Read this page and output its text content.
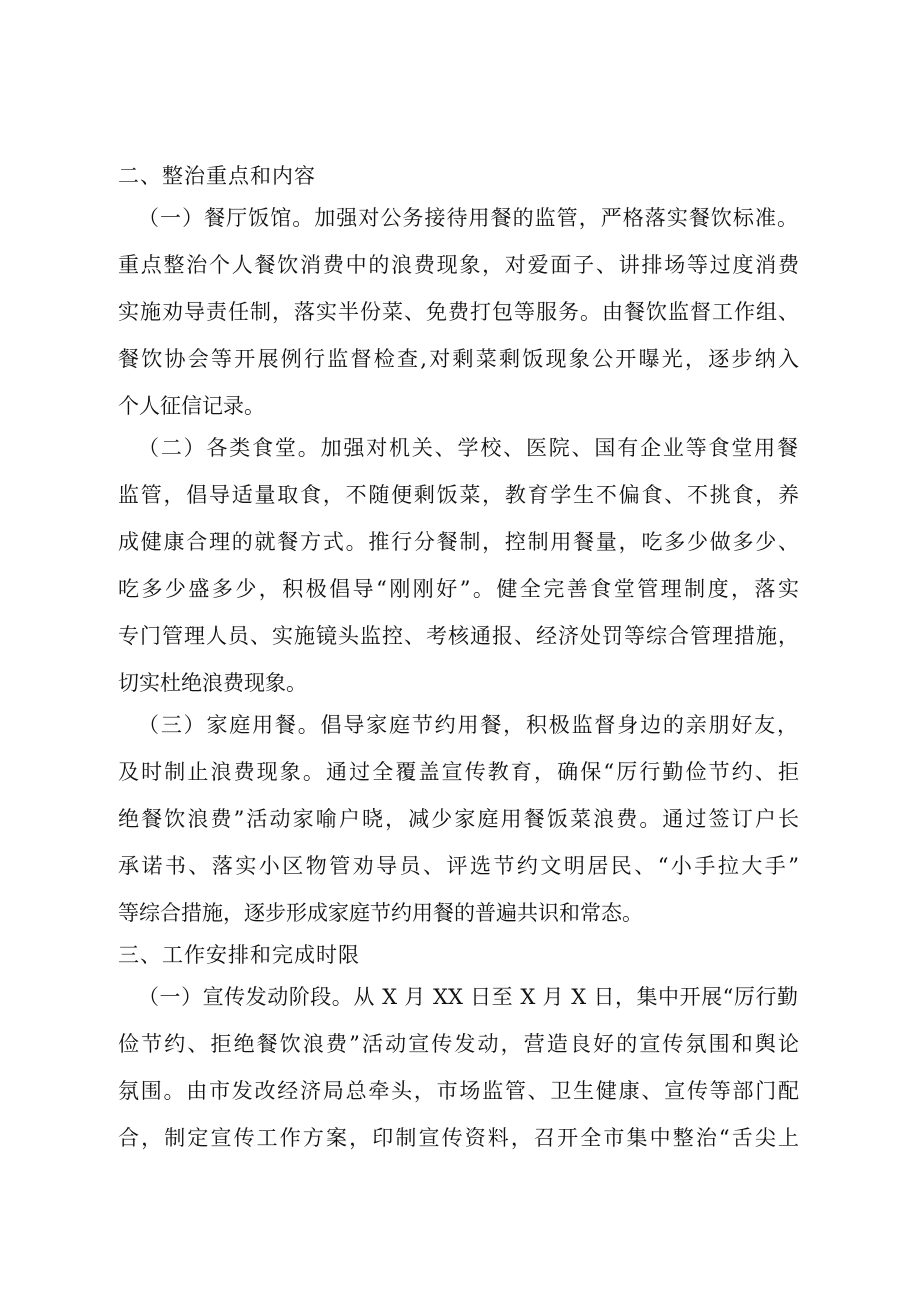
二、整治重点和内容

（一）餐厅饭馆。加强对公务接待用餐的监管，严格落实餐饮标准。

重点整治个人餐饮消费中的浪费现象，对爱面子、讲排场等过度消费

实施劝导责任制，落实半份菜、免费打包等服务。由餐饮监督工作组、

餐饮协会等开展例行监督检查,对剩菜剩饭现象公开曝光，逐步纳入

个人征信记录。

（二）各类食堂。加强对机关、学校、医院、国有企业等食堂用餐

监管，倡导适量取食，不随便剩饭菜，教育学生不偏食、不挑食，养

成健康合理的就餐方式。推行分餐制，控制用餐量，吃多少做多少、

吃多少盛多少，积极倡导“刚刚好”。健全完善食堂管理制度，落实

专门管理人员、实施镜头监控、考核通报、经济处罚等综合管理措施，

切实杜绝浪费现象。

（三）家庭用餐。倡导家庭节约用餐，积极监督身边的亲朋好友，

及时制止浪费现象。通过全覆盖宣传教育，确保“厉行勤俭节约、拒

绝餐饮浪费”活动家喻户晓，减少家庭用餐饭菜浪费。通过签订户长

承诺书、落实小区物管劝导员、评选节约文明居民、“小手拉大手”

等综合措施，逐步形成家庭节约用餐的普遍共识和常态。

三、工作安排和完成时限

（一）宣传发动阶段。从 X 月 XX 日至 X 月 X 日，集中开展“厉行勤

俭节约、拒绝餐饮浪费”活动宣传发动，营造良好的宣传氛围和舆论

氛围。由市发改经济局总牵头，市场监管、卫生健康、宣传等部门配

合，制定宣传工作方案，印制宣传资料，召开全市集中整治“舌尖上
